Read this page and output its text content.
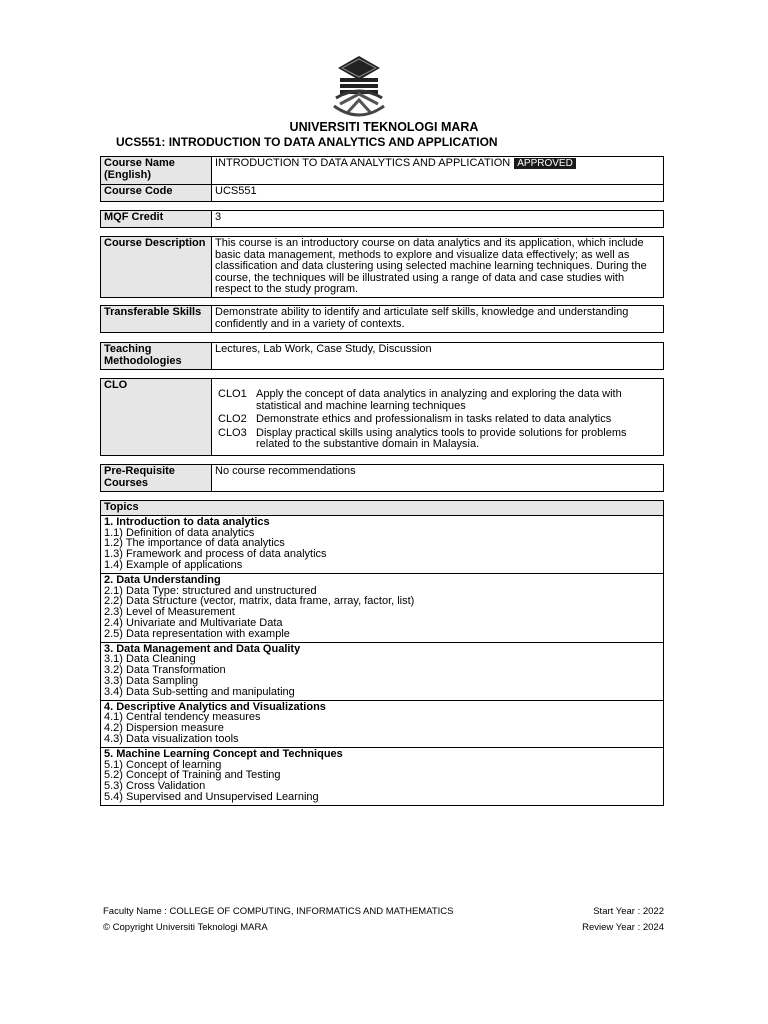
UNIVERSITI TEKNOLOGI MARA
UCS551: INTRODUCTION TO DATA ANALYTICS AND APPLICATION
Course Name (English)	INTRODUCTION TO DATA ANALYTICS AND APPLICATION APPROVED
Course Code	UCS551
MQF Credit	3
Course Description	This course is an introductory course on data analytics and its application, which include basic data management, methods to explore and visualize data effectively; as well as classification and data clustering using selected machine learning techniques. During the course, the techniques will be illustrated using a range of data and case studies with respect to the study program.
Transferable Skills	Demonstrate ability to identify and articulate self skills, knowledge and understanding confidently and in a variety of contexts.
Teaching Methodologies	Lectures, Lab Work, Case Study, Discussion
CLO	
CLO1 Apply the concept of data analytics in analyzing and exploring the data with statistical and machine learning techniques
CLO2 Demonstrate ethics and professionalism in tasks related to data analytics
CLO3 Display practical skills using analytics tools to provide solutions for problems related to the substantive domain in Malaysia.
Pre-Requisite Courses	No course recommendations
Topics

1. Introduction to data analytics
1.1) Definition of data analytics
1.2) The importance of data analytics
1.3) Framework and process of data analytics
1.4) Example of applications

2. Data Understanding
2.1) Data Type: structured and unstructured
2.2) Data Structure (vector, matrix, data frame, array, factor, list)
2.3) Level of Measurement
2.4) Univariate and Multivariate Data
2.5) Data representation with example

3. Data Management and Data Quality
3.1) Data Cleaning
3.2) Data Transformation
3.3) Data Sampling
3.4) Data Sub-setting and manipulating

4. Descriptive Analytics and Visualizations
4.1) Central tendency measures
4.2) Dispersion measure
4.3) Data visualization tools

5. Machine Learning Concept and Techniques
5.1) Concept of learning
5.2) Concept of Training and Testing
5.3) Cross Validation
5.4) Supervised and Unsupervised Learning
Faculty Name : COLLEGE OF COMPUTING, INFORMATICS AND MATHEMATICS	Start Year : 2022
© Copyright Universiti Teknologi MARA	Review Year : 2024
